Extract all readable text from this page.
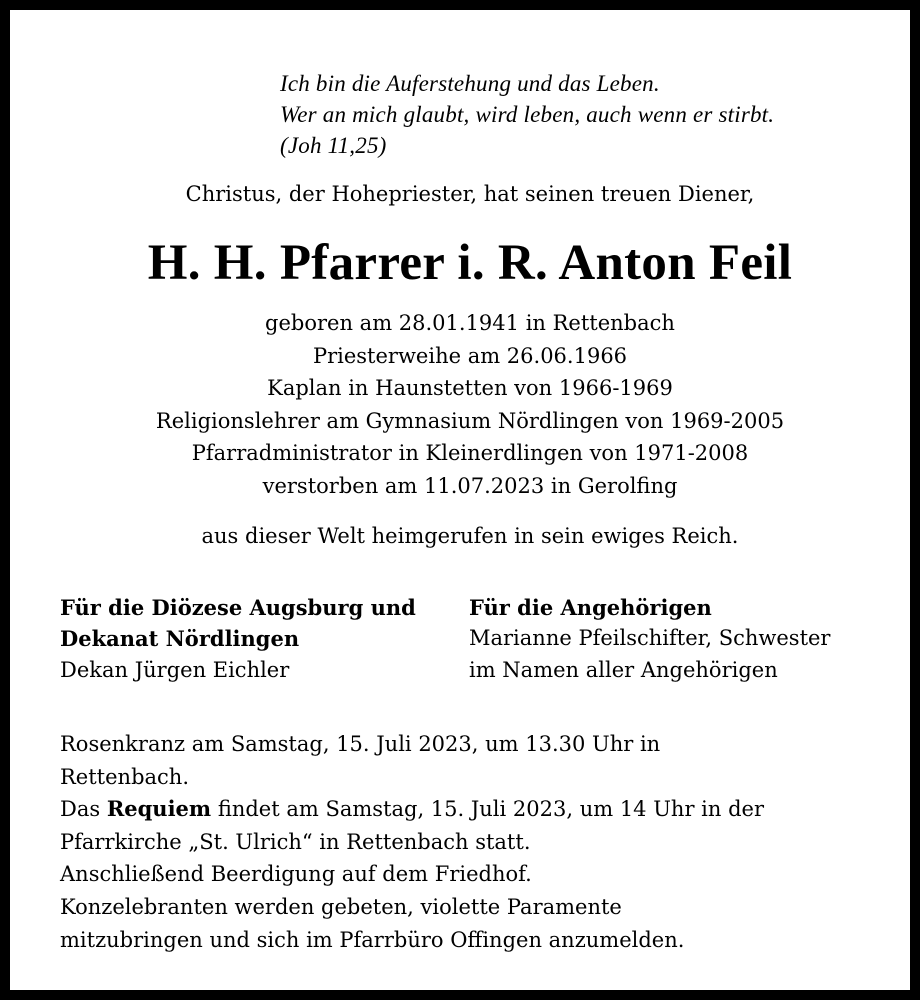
Ich bin die Auferstehung und das Leben.
Wer an mich glaubt, wird leben, auch wenn er stirbt.
(Joh 11,25)
Christus, der Hohepriester, hat seinen treuen Diener,
H. H. Pfarrer i. R. Anton Feil
geboren am 28.01.1941 in Rettenbach
Priesterweihe am 26.06.1966
Kaplan in Haunstetten von 1966-1969
Religionslehrer am Gymnasium Nördlingen von 1969-2005
Pfarradministrator in Kleinerdlingen von 1971-2008
verstorben am 11.07.2023 in Gerolfing
aus dieser Welt heimgerufen in sein ewiges Reich.
Für die Diözese Augsburg und
Dekanat Nördlingen
Dekan Jürgen Eichler
Für die Angehörigen
Marianne Pfeilschifter, Schwester
im Namen aller Angehörigen
Rosenkranz am Samstag, 15. Juli 2023, um 13.30 Uhr in
Rettenbach.
Das Requiem findet am Samstag, 15. Juli 2023, um 14 Uhr in der
Pfarrkirche „St. Ulrich“ in Rettenbach statt.
Anschließend Beerdigung auf dem Friedhof.
Konzelebranten werden gebeten, violette Paramente
mitzubringen und sich im Pfarrbüro Offingen anzumelden.
